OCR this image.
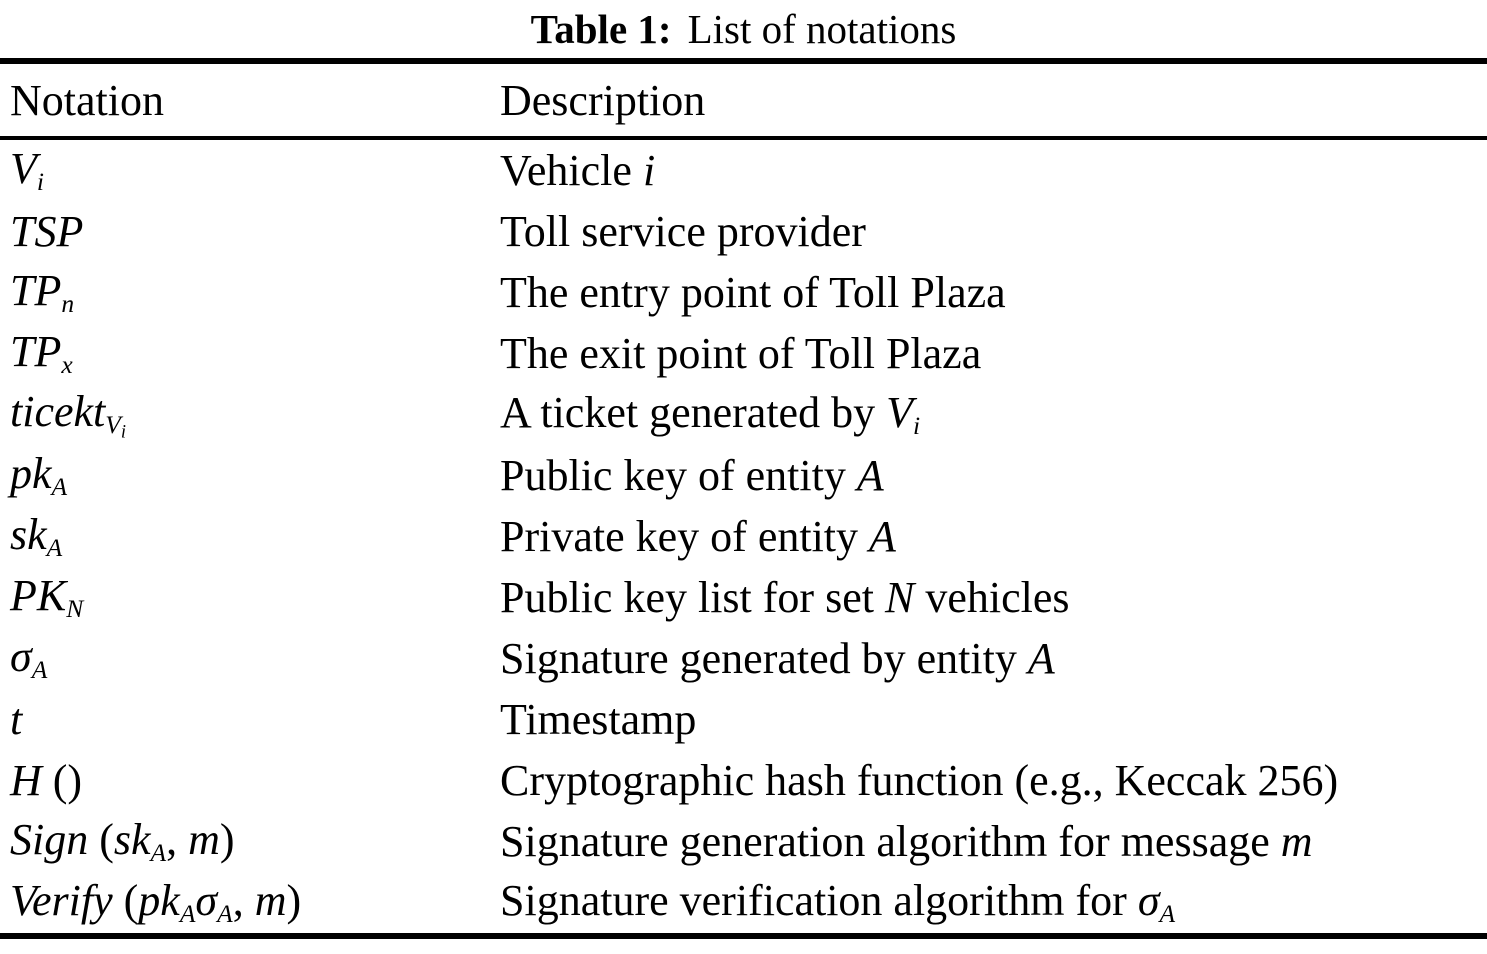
Table 1: List of notations
Notation	Description
Vi	Vehicle i
TSP	Toll service provider
TPn	The entry point of Toll Plaza
TPx	The exit point of Toll Plaza
ticektV$_i$	A ticket generated by Vi
pkA	Public key of entity A
skA	Private key of entity A
PKN	Public key list for set N vehicles
σA	Signature generated by entity A
t	Timestamp
H ()	Cryptographic hash function (e.g., Keccak 256)
Sign (skA, m)	Signature generation algorithm for message m
Verify (pkAσA, m)	Signature verification algorithm for σA
